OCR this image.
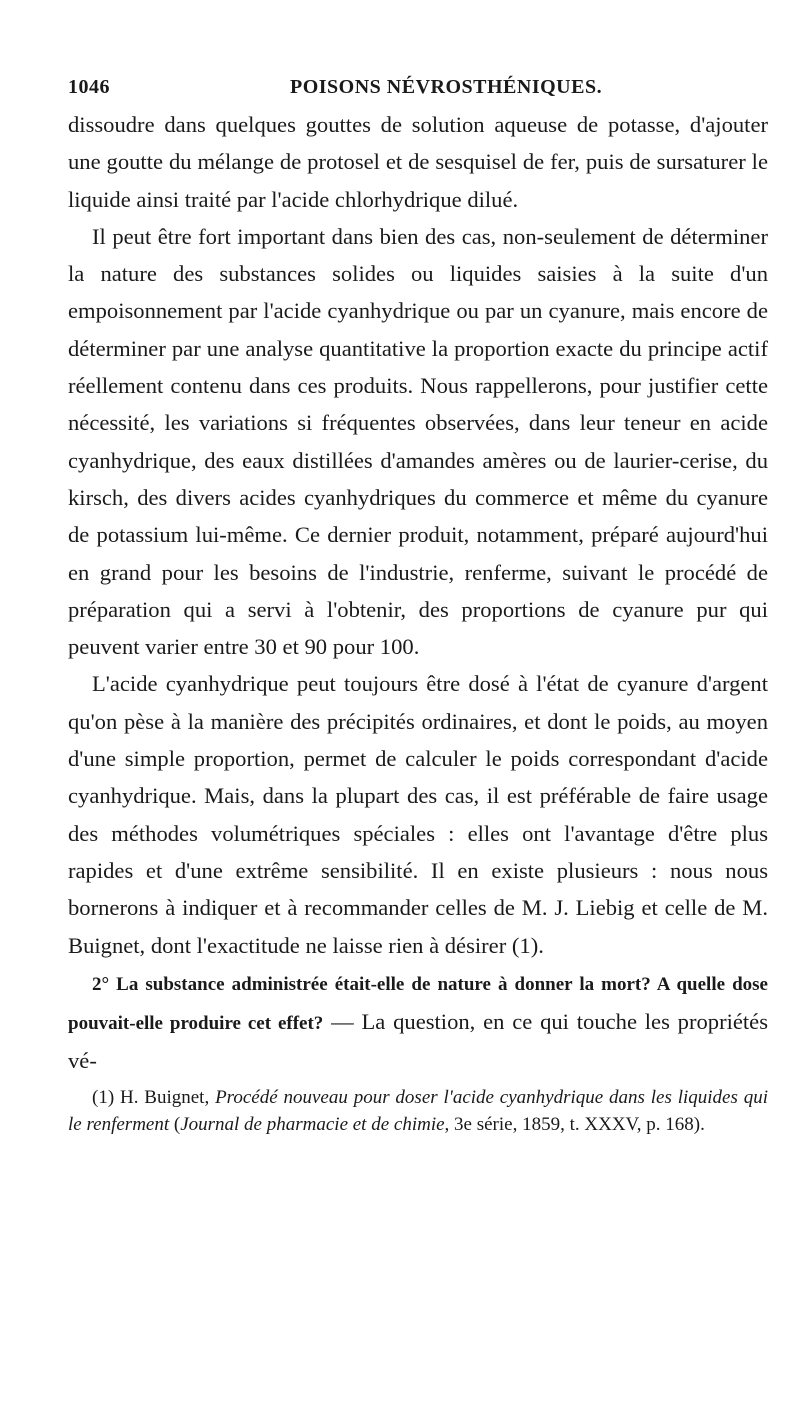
1046	POISONS NÉVROSTHÉNIQUES.

dissoudre dans quelques gouttes de solution aqueuse de potasse, d'ajouter une goutte du mélange de protosel et de sesquisel de fer, puis de sursaturer le liquide ainsi traité par l'acide chlorhydrique dilué.

Il peut être fort important dans bien des cas, non-seulement de déterminer la nature des substances solides ou liquides saisies à la suite d'un empoisonnement par l'acide cyanhydrique ou par un cyanure, mais encore de déterminer par une analyse quantitative la proportion exacte du principe actif réellement contenu dans ces produits. Nous rappellerons, pour justifier cette nécessité, les variations si fréquentes observées, dans leur teneur en acide cyanhydrique, des eaux distillées d'amandes amères ou de laurier-cerise, du kirsch, des divers acides cyanhydriques du commerce et même du cyanure de potassium lui-même. Ce dernier produit, notamment, préparé aujourd'hui en grand pour les besoins de l'industrie, renferme, suivant le procédé de préparation qui a servi à l'obtenir, des proportions de cyanure pur qui peuvent varier entre 30 et 90 pour 100.

L'acide cyanhydrique peut toujours être dosé à l'état de cyanure d'argent qu'on pèse à la manière des précipités ordinaires, et dont le poids, au moyen d'une simple proportion, permet de calculer le poids correspondant d'acide cyanhydrique. Mais, dans la plupart des cas, il est préférable de faire usage des méthodes volumétriques spéciales : elles ont l'avantage d'être plus rapides et d'une extrême sensibilité. Il en existe plusieurs : nous nous bornerons à indiquer et à recommander celles de M. J. Liebig et celle de M. Buignet, dont l'exactitude ne laisse rien à désirer (1).

2° La substance administrée était-elle de nature à donner la mort? A quelle dose pouvait-elle produire cet effet? — La question, en ce qui touche les propriétés vé-

(1) H. Buignet, Procédé nouveau pour doser l'acide cyanhydrique dans les liquides qui le renferment (Journal de pharmacie et de chimie, 3e série, 1859, t. XXXV, p. 168).
